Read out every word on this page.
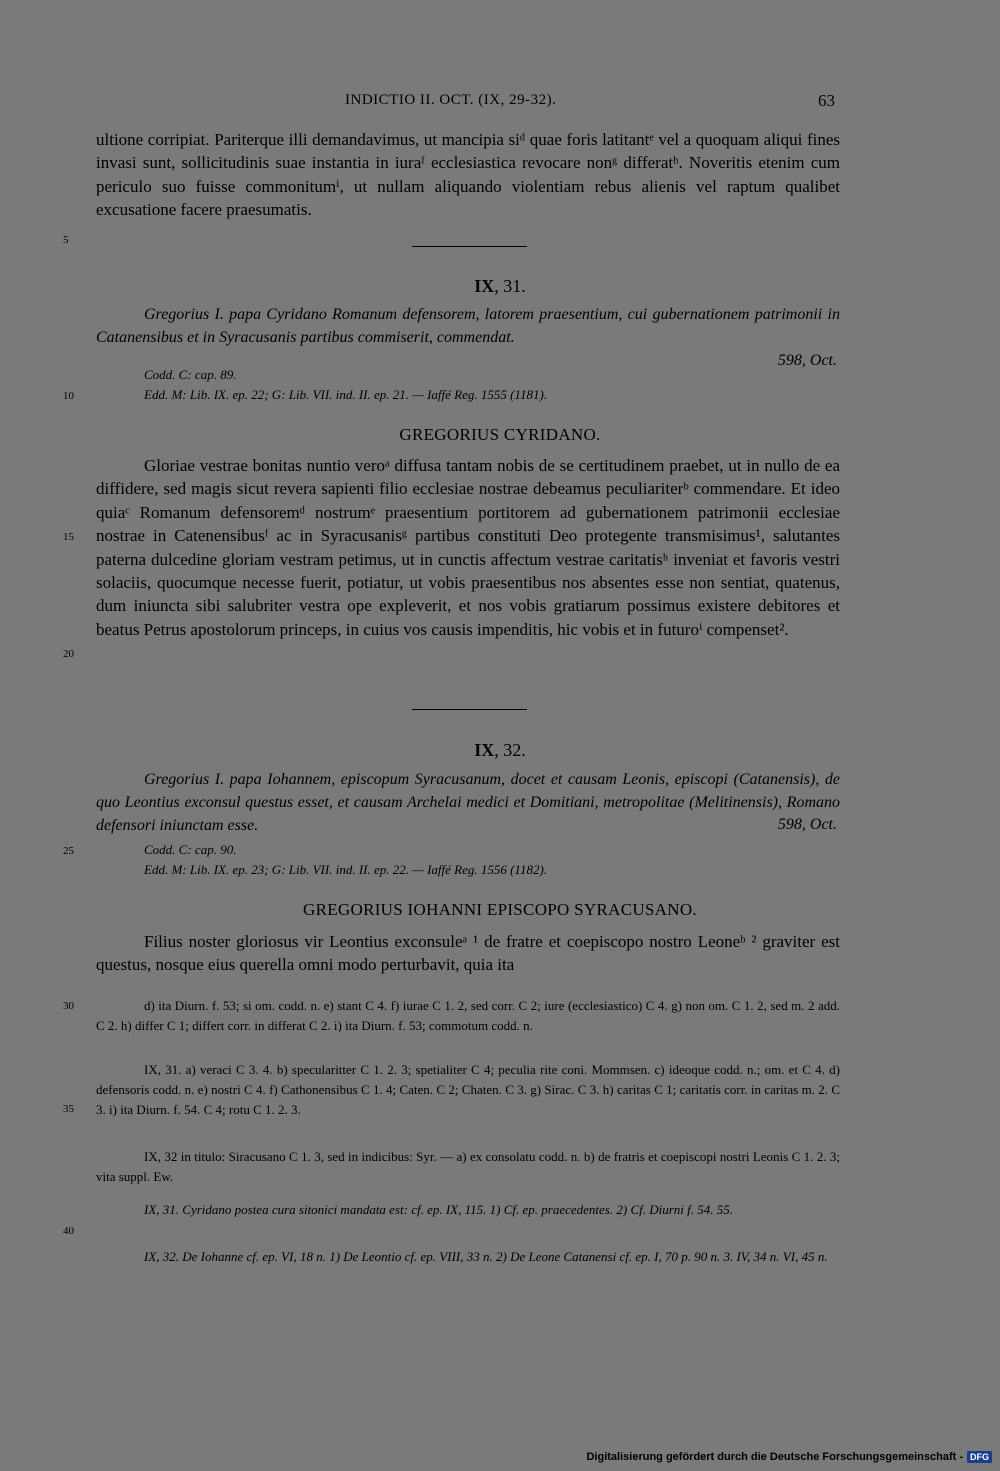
INDICTIO II. OCT. (IX, 29-32).	63

ultione corripiat. Pariterque illi demandavimus, ut mancipia siᵈ quae foris latitantᵉ vel a quoquam aliqui fines invasi sunt, sollicitudinis suae instantia in iuraᶠ ecclesiastica revocare nonᵍ differatʰ. Noveritis etenim cum periculo suo fuisse commonitumⁱ, ut nullam aliquando violentiam rebus alienis vel raptum qualibet excusatione facere praesumatis.

5
10
15
20
25
30
35
40
IX, 31.
Gregorius I. papa Cyridano Romanum defensorem, latorem praesentium, cui gubernationem patrimonii in Catanensibus et in Syracusanis partibus commiserit, commendat.
598, Oct.
Codd. C: cap. 89.
Edd. M: Lib. IX. ep. 22; G: Lib. VII. ind. II. ep. 21. — Iaffé Reg. 1555 (1181).
GREGORIUS CYRIDANO.

Gloriae vestrae bonitas nuntio veroᵃ diffusa tantam nobis de se certitudinem praebet, ut in nullo de ea diffidere, sed magis sicut revera sapienti filio ecclesiae nostrae debeamus peculiariterᵇ commendare. Et ideo quiaᶜ Romanum defensoremᵈ nostrumᵉ praesentium portitorem ad gubernationem patrimonii ecclesiae nostrae in Catenensibusᶠ ac in Syracusanisᵍ partibus constituti Deo protegente transmisimus¹, salutantes paterna dulcedine gloriam vestram petimus, ut in cunctis affectum vestrae caritatisʰ inveniat et favoris vestri solaciis, quocumque necesse fuerit, potiatur, ut vobis praesentibus nos absentes esse non sentiat, quatenus, dum iniuncta sibi salubriter vestra ope expleverit, et nos vobis gratiarum possimus existere debitores et beatus Petrus apostolorum princeps, in cuius vos causis impenditis, hic vobis et in futuroⁱ compenset².

IX, 32.
Gregorius I. papa Iohannem, episcopum Syracusanum, docet et causam Leonis, episcopi (Catanensis), de quo Leontius exconsul questus esset, et causam Archelai medici et Domitiani, metropolitae (Melitinensis), Romano defensori iniunctam esse.	598, Oct.
Codd. C: cap. 90.
Edd. M: Lib. IX. ep. 23; G: Lib. VII. ind. II. ep. 22. — Iaffé Reg. 1556 (1182).
GREGORIUS IOHANNI EPISCOPO SYRACUSANO.

Filius noster gloriosus vir Leontius exconsuleᵃ ¹ de fratre et coepiscopo nostro Leoneᵇ ² graviter est questus, nosque eius querella omni modo perturbavit, quia ita

d) ita Diurn. f. 53; si om. codd. n. e) stant C 4. f) iurae C 1. 2, sed corr. C 2; iure (ecclesiastico) C 4. g) non om. C 1. 2, sed m. 2 add. C 2. h) differ C 1; differt corr. in differat C 2. i) ita Diurn. f. 53; commotum codd. n.

IX, 31. a) veraci C 3. 4. b) specularitter C 1. 2. 3; spetialiter C 4; peculia rite coni. Mommsen. c) ideoque codd. n.; om. et C 4. d) defensoris codd. n. e) nostri C 4. f) Cathonensibus C 1. 4; Caten. C 2; Chaten. C 3. g) Sirac. C 3. h) caritas C 1; caritatis corr. in caritas m. 2. C 3. i) ita Diurn. f. 54. C 4; rotu C 1. 2. 3.

IX, 32 in titulo: Siracusano C 1. 3, sed in indicibus: Syr. — a) ex consolatu codd. n. b) de fratris et coepiscopi nostri Leonis C 1. 2. 3; vita suppl. Ew.

IX, 31. Cyridano postea cura sitonici mandata est: cf. ep. IX, 115. 1) Cf. ep. praecedentes. 2) Cf. Diurni f. 54. 55.

IX, 32. De Iohanne cf. ep. VI, 18 n. 1) De Leontio cf. ep. VIII, 33 n. 2) De Leone Catanensi cf. ep. I, 70 p. 90 n. 3. IV, 34 n. VI, 45 n.

Digitalisierung gefördert durch die Deutsche Forschungsgemeinschaft - DFG
